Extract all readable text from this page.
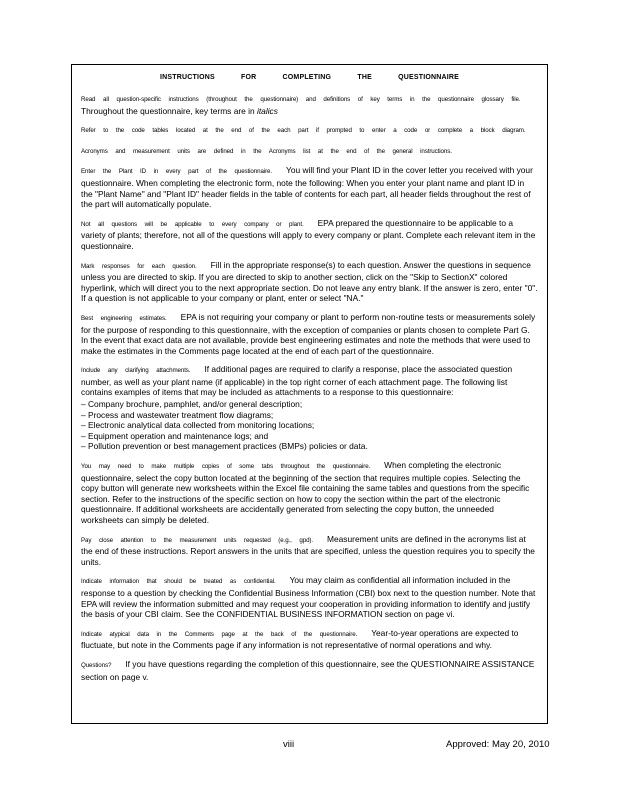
INSTRUCTIONS FOR COMPLETING THE QUESTIONNAIRE
Read all question-specific instructions (throughout the questionnaire) and definitions of key terms in the questionnaire glossary file.Throughout the questionnaire, key terms are in italics
Refer to the code tables located at the end of the each part if prompted to enter a code or complete a block diagram.
Acronyms and measurement units are defined in the Acronyms list at the end of the general instructions.
Enter the Plant ID in every part of the questionnaire. You will find your Plant ID in the cover letter you received with your questionnaire. When completing the electronic form, note the following: When you enter your plant name and plant ID in the "Plant Name" and "Plant ID" header fields in the table of contents for each part, all header fields throughout the rest of the part will automatically populate.
Not all questions will be applicable to every company or plant. EPA prepared the questionnaire to be applicable to a variety of plants; therefore, not all of the questions will apply to every company or plant. Complete each relevant item in the questionnaire.
Mark responses for each question. Fill in the appropriate response(s) to each question. Answer the questions in sequence unless you are directed to skip. If you are directed to skip to another section, click on the "Skip to SectionX" colored hyperlink, which will direct you to the next appropriate section. Do not leave any entry blank. If the answer is zero, enter "0". If a question is not applicable to your company or plant, enter or select "NA."
Best engineering estimates. EPA is not requiring your company or plant to perform non-routine tests or measurements solely for the purpose of responding to this questionnaire, with the exception of companies or plants chosen to complete Part G. In the event that exact data are not available, provide best engineering estimates and note the methods that were used to make the estimates in the Comments page located at the end of each part of the questionnaire.
Include any clarifying attachments. If additional pages are required to clarify a response, place the associated question number, as well as your plant name (if applicable) in the top right corner of each attachment page. The following list contains examples of items that may be included as attachments to a response to this questionnaire:
– Company brochure, pamphlet, and/or general description;
– Process and wastewater treatment flow diagrams;
– Electronic analytical data collected from monitoring locations;
– Equipment operation and maintenance logs; and
– Pollution prevention or best management practices (BMPs) policies or data.
You may need to make multiple copies of some tabs throughout the questionnaire. When completing the electronic questionnaire, select the copy button located at the beginning of the section that requires multiple copies. Selecting the copy button will generate new worksheets within the Excel file containing the same tables and questions from the specific section. Refer to the instructions of the specific section on how to copy the section within the part of the electronic questionnaire. If additional worksheets are accidentally generated from selecting the copy button, the unneeded worksheets can simply be deleted.
Pay close attention to the measurement units requested (e.g., gpd). Measurement units are defined in the acronyms list at the end of these instructions. Report answers in the units that are specified, unless the question requires you to specify the units.
Indicate information that should be treated as confidential. You may claim as confidential all information included in the response to a question by checking the Confidential Business Information (CBI) box next to the question number. Note that EPA will review the information submitted and may request your cooperation in providing information to identify and justify the basis of your CBI claim. See the CONFIDENTIAL BUSINESS INFORMATION section on page vi.
Indicate atypical data in the Comments page at the back of the questionnaire. Year-to-year operations are expected to fluctuate, but note in the Comments page if any information is not representative of normal operations and why.
Questions? If you have questions regarding the completion of this questionnaire, see the QUESTIONNAIRE ASSISTANCE section on page v.
viii	Approved: May 20, 2010
